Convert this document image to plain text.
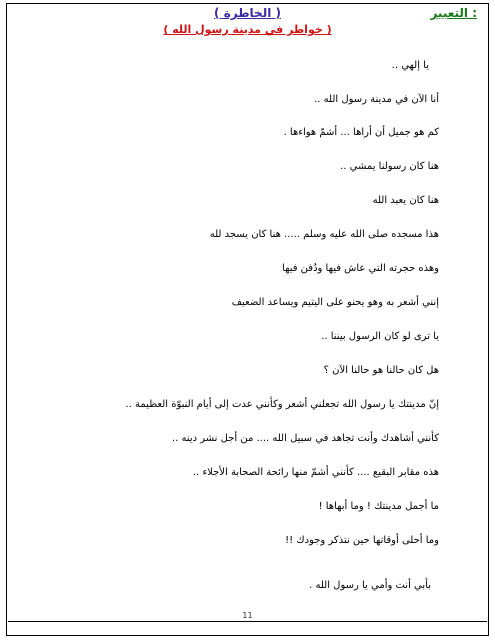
التعبير :
( الخاطرة )
( خواطر في مدينة رسول الله )
يا إلهي ..
أنا الآن في مدينة رسول الله ..
كم هو جميل أن أراها ... أشمّ هواءها .
هنا كان رسولنا يمشي ..
هنا كان يعبد الله
هذا مسجده صلى الله عليه وسلم ..... هنا كان يسجد لله
وهذه حجرته التي عاش فيها ودُفن فيها
إنني أشعر به وهو يحنو على اليتيم ويساعد الضعيف
يا ترى لو كان الرسول بيننا ..
هل كان حالنا هو حالنا الآن ؟
إنّ مدينتك يا رسول الله تجعلني أشعر وكأنني عدت إلى أيام النبوّة العظيمة ..
كأنني أشاهدك وأنت تجاهد في سبيل الله .... من أجل نشر دينه ..
هذه مقابر البقيع .... كأنني أشمّ منها رائحة الصحابة الأجلاء ..
ما أجمل مدينتك ! وما أبهاها !
وما أحلى أوقاتها حين نتذكر وجودك !!
بأبي أنت وأمي يا رسول الله .
11
